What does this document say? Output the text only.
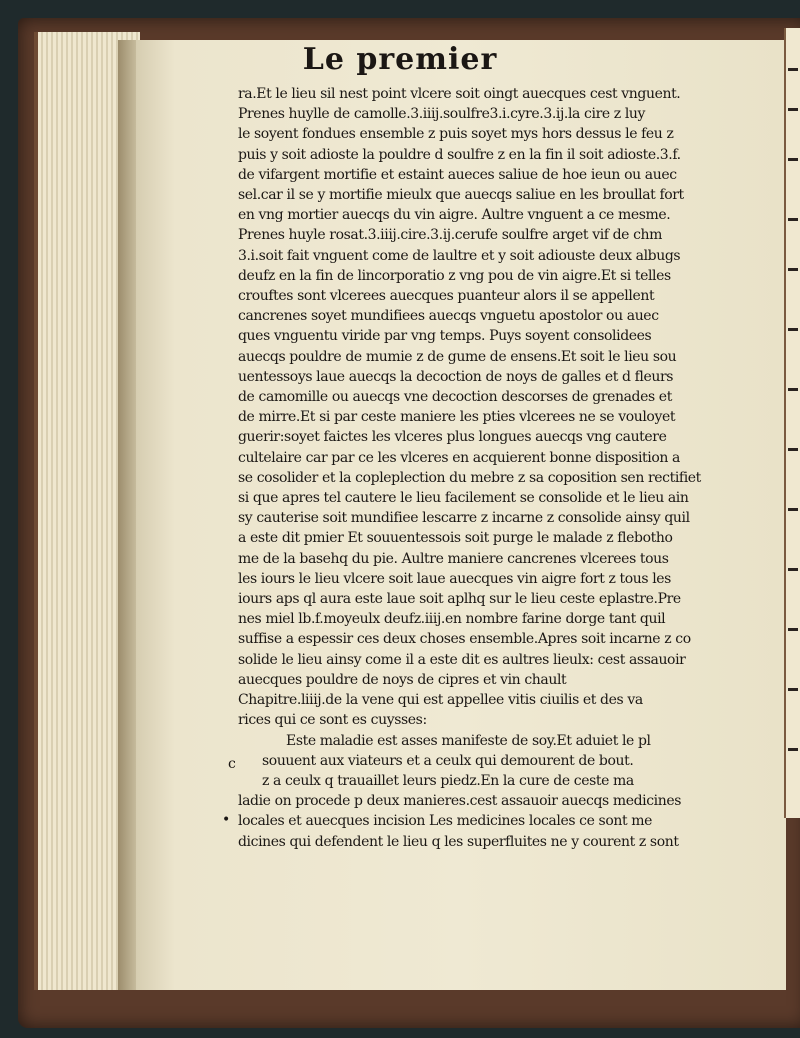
Le premier
ra.Et le lieu sil nest point vlcere soit oingt auecques cest vnguent.
Prenes huylle de camolle.3.iiij.soulfre3.i.cyre.3.ij.la cire z luy
le soyent fondues ensemble z puis soyet mys hors dessus le feu z
puis y soit adioste la pouldre d soulfre z en la fin il soit adioste.3.f.
de vifargent mortifie et estaint aueces saliue de hoe ieun ou auec
sel.car il se y mortifie mieulx que auecqs saliue en les broullat fort
en vng mortier auecqs du vin aigre. Aultre vnguent a ce mesme.
Prenes huyle rosat.3.iiij.cire.3.ij.cerufe soulfre arget vif de chm
3.i.soit fait vnguent come de laultre et y soit adiouste deux albugs
deufz en la fin de lincorporatio z vng pou de vin aigre.Et si telles
crouftes sont vlcerees auecques puanteur alors il se appellent
cancrenes soyet mundifiees auecqs vnguetu apostolor ou auec
ques vnguentu viride par vng temps. Puys soyent consolidees
auecqs pouldre de mumie z de gume de ensens.Et soit le lieu sou
uentessoys laue auecqs la decoction de noys de galles et d fleurs
de camomille ou auecqs vne decoction descorses de grenades et
de mirre.Et si par ceste maniere les pties vlcerees ne se vouloyet
guerir:soyet faictes les vlceres plus longues auecqs vng cautere
cultelaire car par ce les vlceres en acquierent bonne disposition a
se cosolider et la copleplection du mebre z sa coposition sen rectifiet
si que apres tel cautere le lieu facilement se consolide et le lieu ain
sy cauterise soit mundifiee lescarre z incarne z consolide ainsy quil
a este dit pmier Et souuentessois soit purge le malade z flebotho
me de la basehq du pie. Aultre maniere cancrenes vlcerees tous
les iours le lieu vlcere soit laue auecques vin aigre fort z tous les
iours aps ql aura este laue soit aplhq sur le lieu ceste eplastre.Pre
nes miel lb.f.moyeulx deufz.iiij.en nombre farine dorge tant quil
suffise a espessir ces deux choses ensemble.Apres soit incarne z co
solide le lieu ainsy come il a este dit es aultres lieulx: cest assauoir
auecques pouldre de noys de cipres et vin chault
Chapitre.liiij.de la vene qui est appellee vitis ciuilis et des va
rices qui ce sont es cuysses:
Este maladie est asses manifeste de soy.Et aduiet le pl
souuent aux viateurs et a ceulx qui demourent de bout.
z a ceulx q trauaillet leurs piedz.En la cure de ceste ma
ladie on procede p deux manieres.cest assauoir auecqs medicines
locales et auecques incision Les medicines locales ce sont me
dicines qui defendent le lieu q les superfluites ne y courent z sont
c
•
